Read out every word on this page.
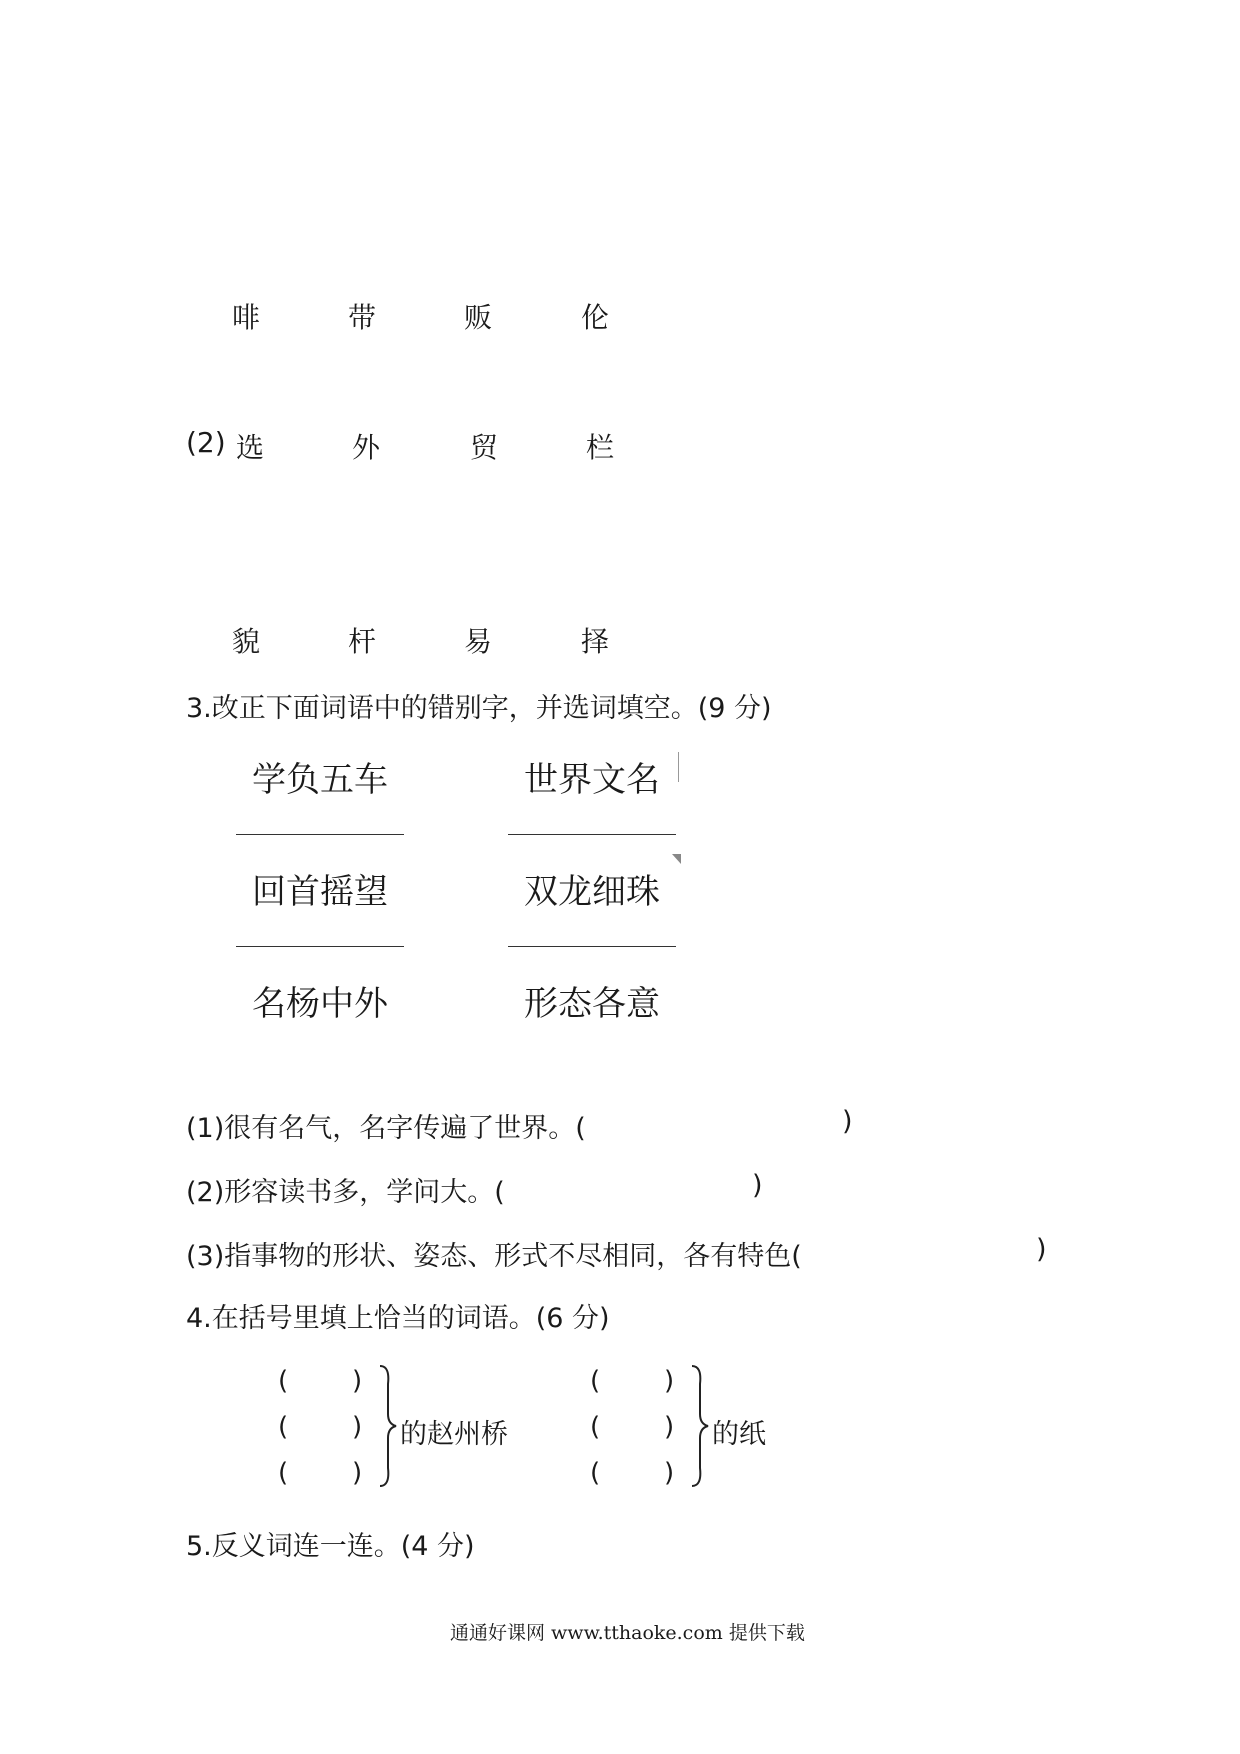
啡	带	贩	伦
(2) 选	外	贸	栏
貌	杆	易	择
3.改正下面词语中的错别字，并选词填空。(9 分)
学负五车	世界文名
回首摇望	双龙细珠
名杨中外	形态各意
(1)很有名气，名字传遍了世界。(	)
(2)形容读书多，学问大。(	)
(3)指事物的形状、姿态、形式不尽相同，各有特色(	)
4.在括号里填上恰当的词语。(6 分)
( )
( )
( )
的赵州桥
( )
( )
( )
的纸
5.反义词连一连。(4 分)
通通好课网 www.tthaoke.com 提供下载
